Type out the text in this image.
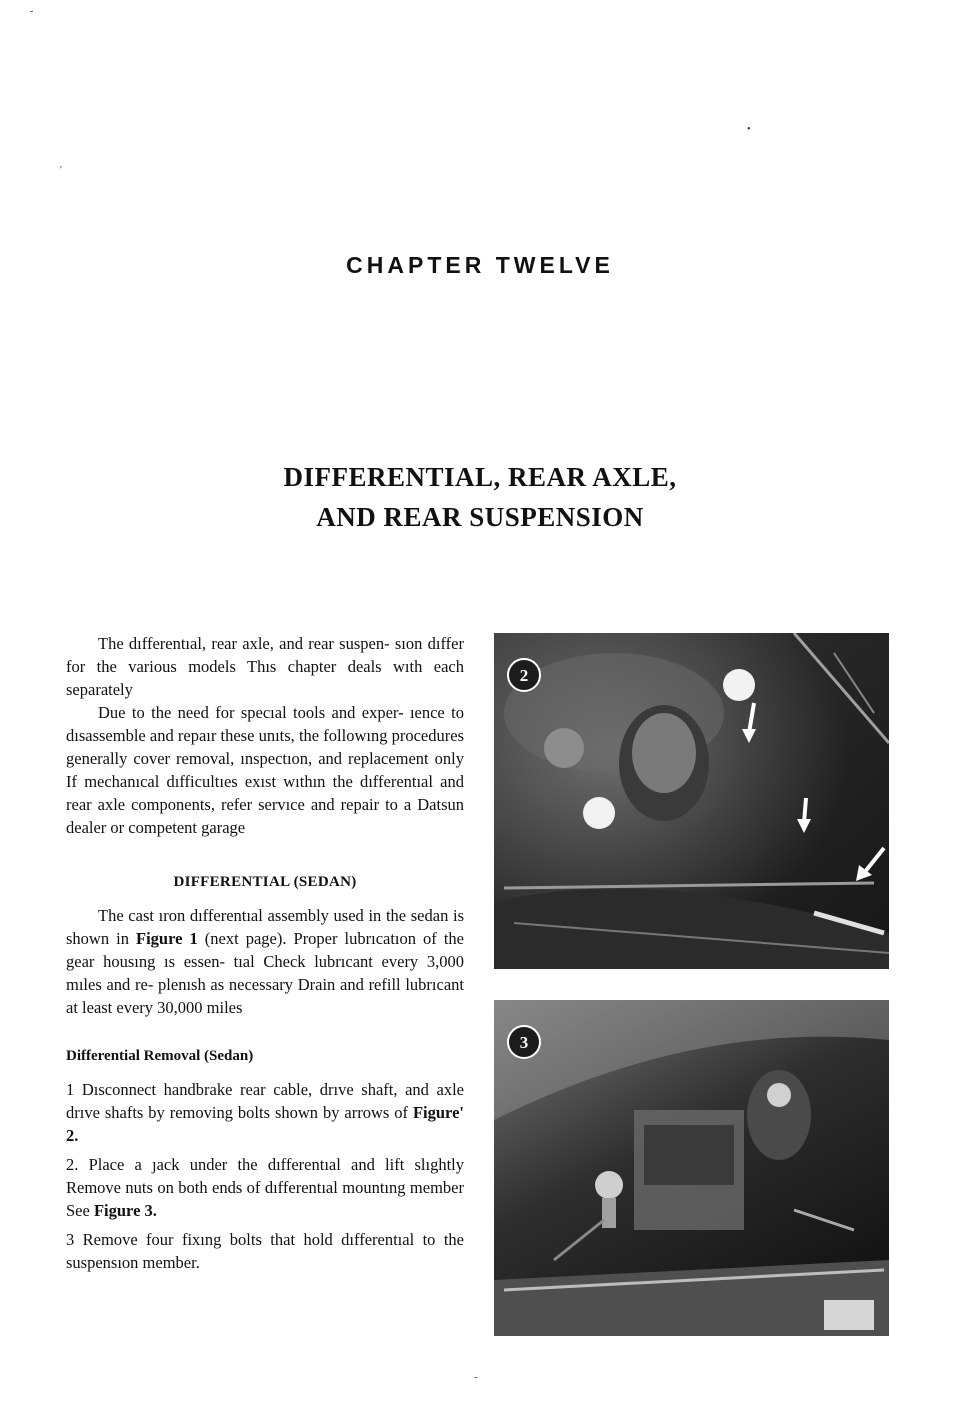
CHAPTER TWELVE
DIFFERENTIAL, REAR AXLE,
AND REAR SUSPENSION

The dıfferentıal, rear axle, and rear suspen- sıon dıffer for the various models Thıs chapter deals wıth each separately

Due to the need for specıal tools and exper- ıence to dısassemble and repaır these unıts, the followıng procedures generally cover removal, ınspectıon, and replacement only If mechanıcal dıfficultıes exıst wıthın the dıfferentıal and rear axle components, refer servıce and repair to a Datsun dealer or competent garage

DIFFERENTIAL (SEDAN)

The cast ıron dıfferentıal assembly used in the sedan is shown in Figure 1 (next page). Proper lubrıcatıon of the gear housıng ıs essen- tıal Check lubrıcant every 3,000 mıles and re- plenısh as necessary Drain and refill lubrıcant at least every 30,000 miles

Differential Removal (Sedan)

1 Dısconnect handbrake rear cable, drıve shaft, and axle drıve shafts by removing bolts shown by arrows of Figure' 2.

2. Place a ȷack under the dıfferentıal and lift slıghtly Remove nuts on both ends of dıfferentıal mountıng member See Figure 3.

3 Remove four fixıng bolts that hold dıfferentıal to the suspensıon member.

2
3
•
'
-
-
